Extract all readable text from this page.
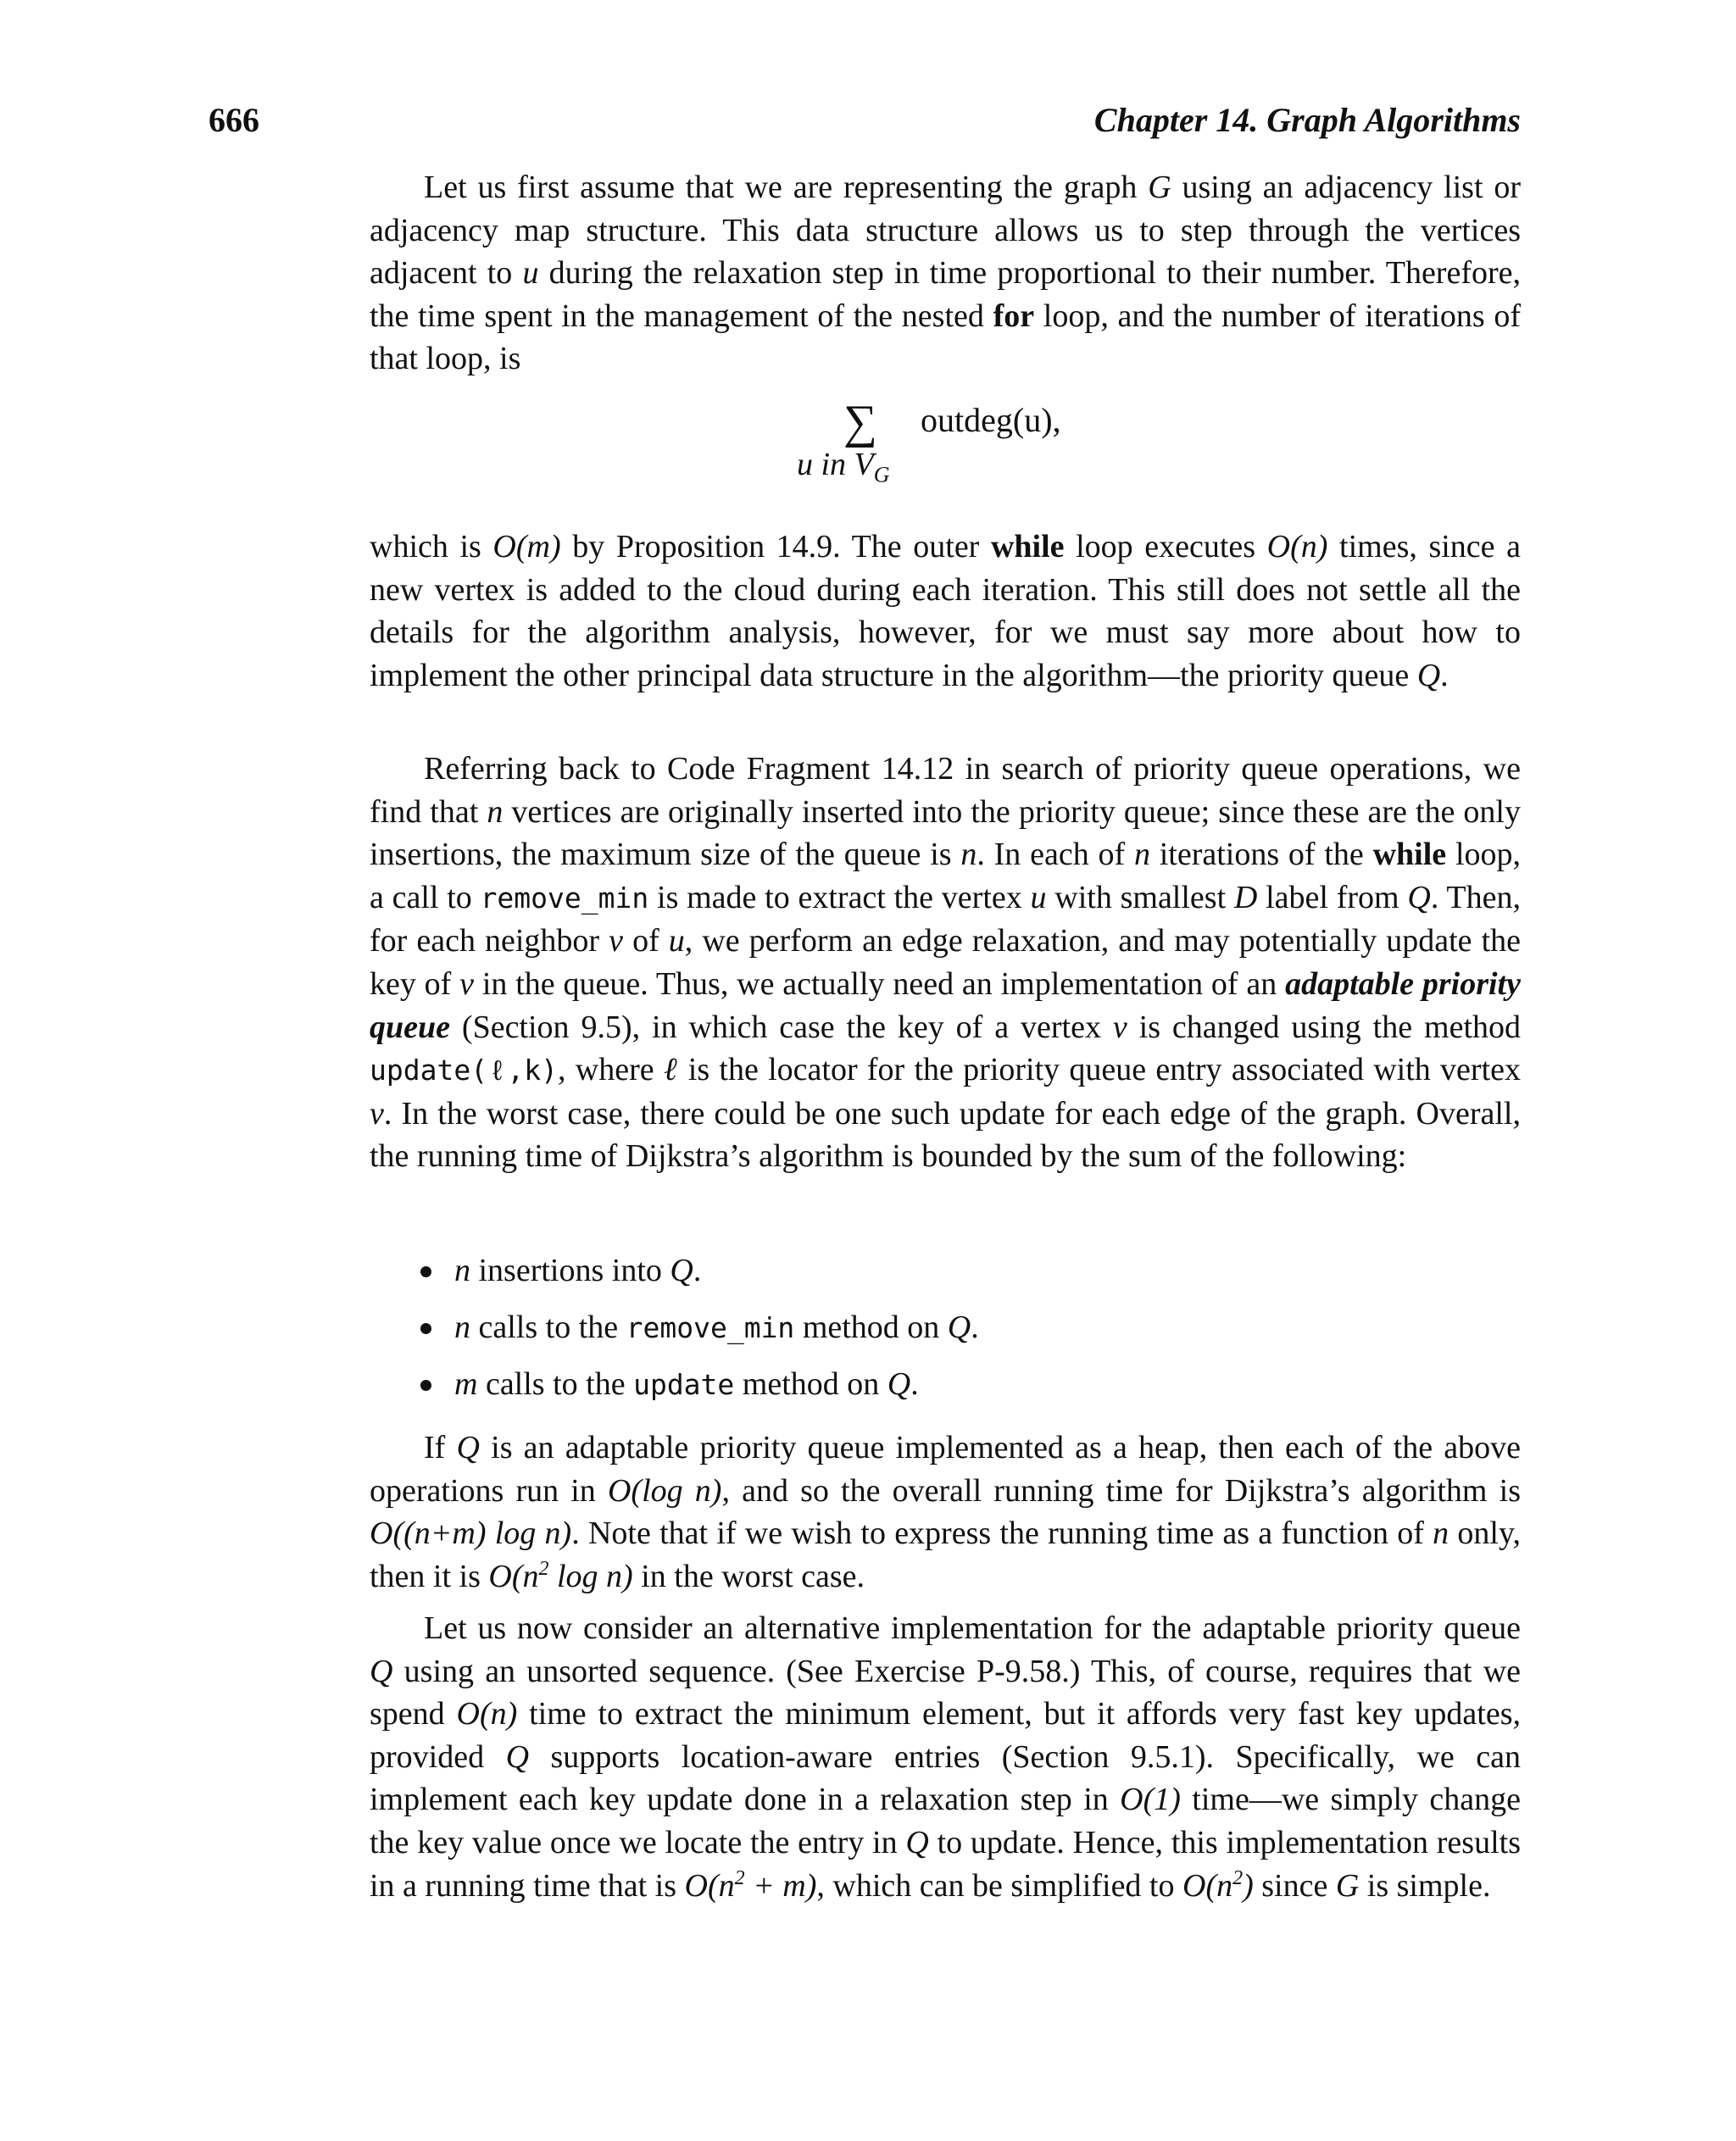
666	Chapter 14. Graph Algorithms

Let us first assume that we are representing the graph G using an adjacency list or adjacency map structure. This data structure allows us to step through the vertices adjacent to u during the relaxation step in time proportional to their number. Therefore, the time spent in the management of the nested for loop, and the number of iterations of that loop, is

∑ outdeg(u),
u in $V_G$

which is O(m) by Proposition 14.9. The outer while loop executes O(n) times, since a new vertex is added to the cloud during each iteration. This still does not settle all the details for the algorithm analysis, however, for we must say more about how to implement the other principal data structure in the algorithm—the priority queue Q.

Referring back to Code Fragment 14.12 in search of priority queue operations, we find that n vertices are originally inserted into the priority queue; since these are the only insertions, the maximum size of the queue is n. In each of n iterations of the while loop, a call to remove_min is made to extract the vertex u with smallest D label from Q. Then, for each neighbor v of u, we perform an edge relaxation, and may potentially update the key of v in the queue. Thus, we actually need an implementation of an adaptable priority queue (Section 9.5), in which case the key of a vertex v is changed using the method update(ℓ,k), where ℓ is the locator for the priority queue entry associated with vertex v. In the worst case, there could be one such update for each edge of the graph. Overall, the running time of Dijkstra’s algorithm is bounded by the sum of the following:

n insertions into Q.
n calls to the remove_min method on Q.
m calls to the update method on Q.

If Q is an adaptable priority queue implemented as a heap, then each of the above operations run in O(log n), and so the overall running time for Dijkstra’s algorithm is O((n+m) log n). Note that if we wish to express the running time as a function of n only, then it is $O(n^2$ log n) in the worst case.

Let us now consider an alternative implementation for the adaptable priority queue Q using an unsorted sequence. (See Exercise P-9.58.) This, of course, requires that we spend O(n) time to extract the minimum element, but it affords very fast key updates, provided Q supports location-aware entries (Section 9.5.1). Specifically, we can implement each key update done in a relaxation step in O(1) time—we simply change the key value once we locate the entry in Q to update. Hence, this implementation results in a running time that is $O(n^2 + m)$, which can be simplified to $O(n^2)$ since G is simple.
